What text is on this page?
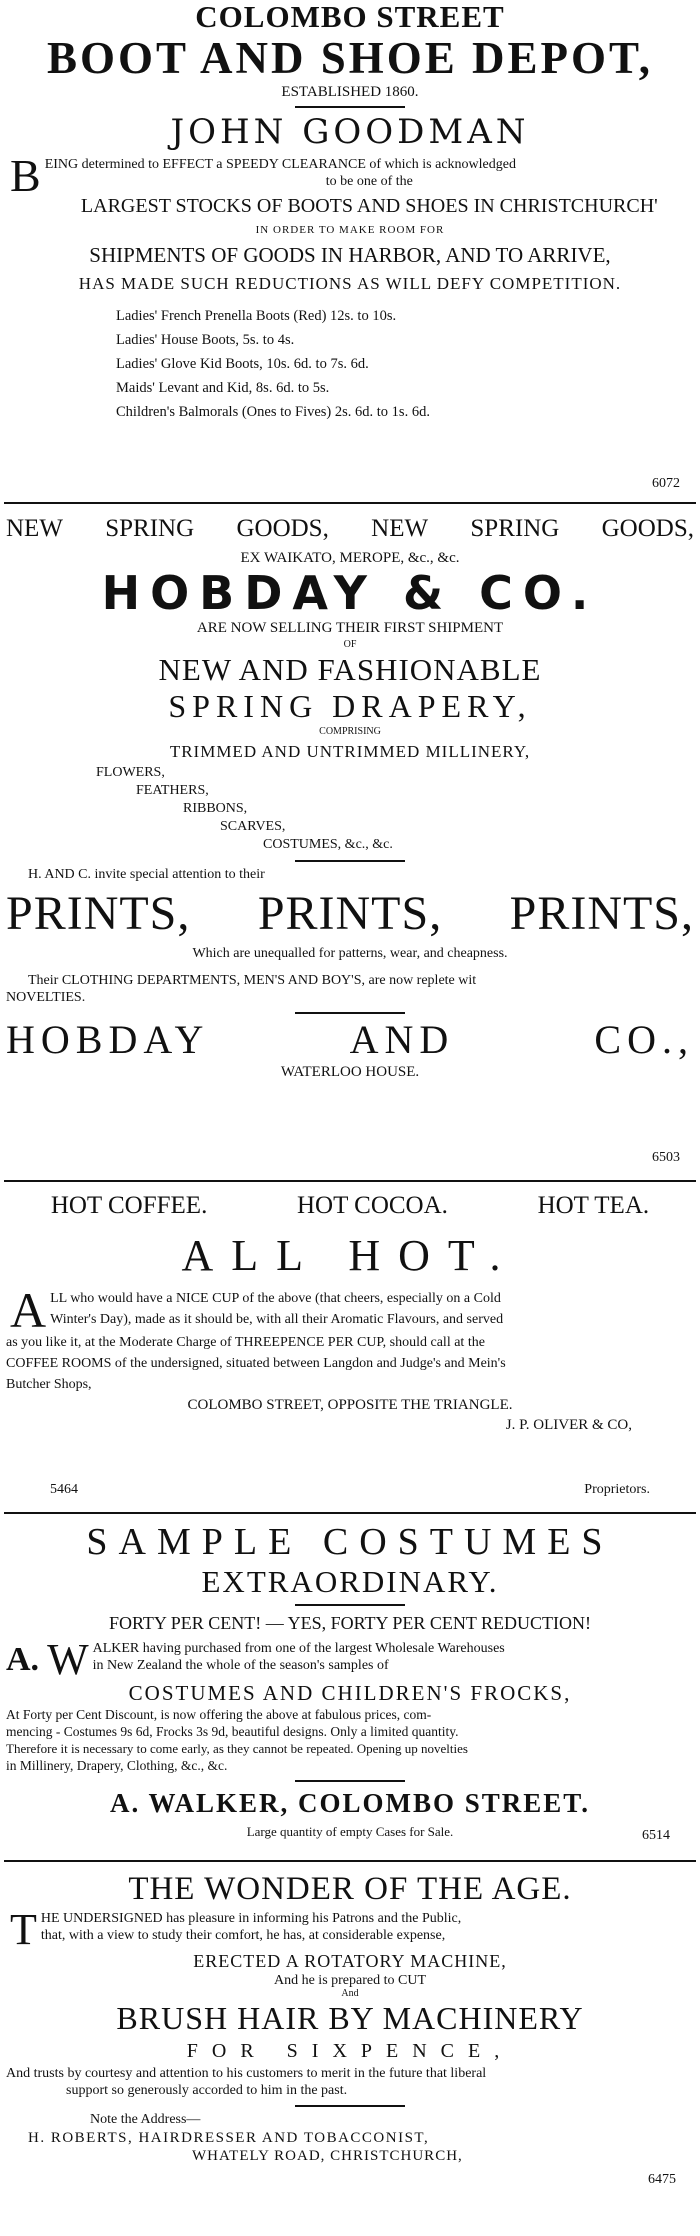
COLOMBO STREET
BOOT AND SHOE DEPOT,
ESTABLISHED 1860.
JOHN GOODMAN
B EING determined to EFFECT a SPEEDY CLEARANCE of which is acknowledged
to be one of the
LARGEST STOCKS OF BOOTS AND SHOES IN CHRISTCHURCH'
IN ORDER TO MAKE ROOM FOR
SHIPMENTS OF GOODS IN HARBOR, AND TO ARRIVE,
HAS MADE SUCH REDUCTIONS AS WILL DEFY COMPETITION.
Ladies' French Prenella Boots (Red) 12s. to 10s.
Ladies' House Boots, 5s. to 4s.
Ladies' Glove Kid Boots, 10s. 6d. to 7s. 6d.
Maids' Levant and Kid, 8s. 6d. to 5s.
Children's Balmorals (Ones to Fives) 2s. 6d. to 1s. 6d.
6072
NEW SPRING GOODS, NEW SPRING GOODS,
EX WAIKATO, MEROPE, &c., &c.
HOBDAY & CO.
ARE NOW SELLING THEIR FIRST SHIPMENT
OF
NEW AND FASHIONABLE
SPRING DRAPERY,
COMPRISING
TRIMMED AND UNTRIMMED MILLINERY,
FLOWERS,
FEATHERS,
RIBBONS,
SCARVES,
COSTUMES, &c., &c.
H. AND C. invite special attention to their
PRINTS, PRINTS, PRINTS,
Which are unequalled for patterns, wear, and cheapness.
Their CLOTHING DEPARTMENTS, MEN'S AND BOY'S, are now replete wit
NOVELTIES.
HOBDAY	AND	CO.,
WATERLOO HOUSE.
6503
HOT COFFEE.	HOT COCOA.	HOT TEA.
ALL HOT.
A LL who would have a NICE CUP of the above (that cheers, especially on a Cold
Winter's Day), made as it should be, with all their Aromatic Flavours, and served
as you like it, at the Moderate Charge of THREEPENCE PER CUP, should call at the
COFFEE ROOMS of the undersigned, situated between Langdon and Judge's and Mein's
Butcher Shops,
COLOMBO STREET, OPPOSITE THE TRIANGLE.
J. P. OLIVER & CO,
5464	Proprietors.
SAMPLE COSTUMES
EXTRAORDINARY.
FORTY PER CENT! — YES, FORTY PER CENT REDUCTION!
A. W ALKER having purchased from one of the largest Wholesale Warehouses
in New Zealand the whole of the season's samples of
COSTUMES AND CHILDREN'S FROCKS,
At Forty per Cent Discount, is now offering the above at fabulous prices, com-
mencing - Costumes 9s 6d, Frocks 3s 9d, beautiful designs. Only a limited quantity.
Therefore it is necessary to come early, as they cannot be repeated. Opening up novelties
in Millinery, Drapery, Clothing, &c., &c.
A. WALKER, COLOMBO STREET.
Large quantity of empty Cases for Sale.	6514
THE WONDER OF THE AGE.
T HE UNDERSIGNED has pleasure in informing his Patrons and the Public,
that, with a view to study their comfort, he has, at considerable expense,
ERECTED A ROTATORY MACHINE,
And he is prepared to CUT
And
BRUSH HAIR BY MACHINERY
FOR SIXPENCE,
And trusts by courtesy and attention to his customers to merit in the future that liberal
support so generously accorded to him in the past.
Note the Address—
H. ROBERTS, HAIRDRESSER AND TOBACCONIST,
WHATELY ROAD, CHRISTCHURCH,
6475
